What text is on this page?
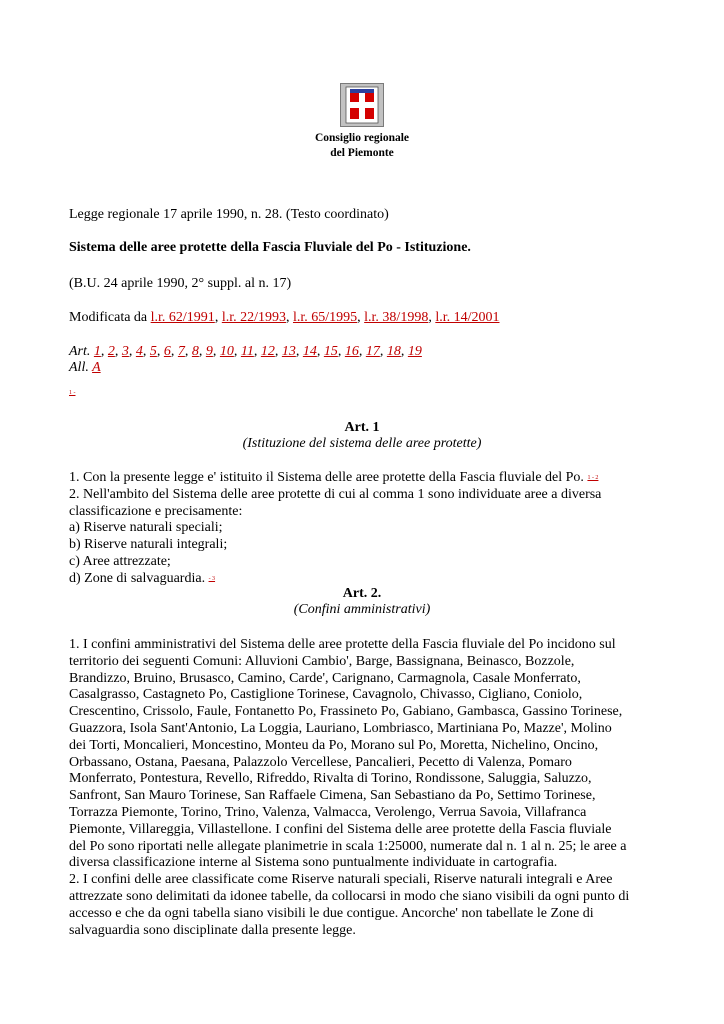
Consiglio regionale
del Piemonte
Legge regionale 17 aprile 1990, n. 28. (Testo coordinato)
Sistema delle aree protette della Fascia Fluviale del Po - Istituzione.
(B.U. 24 aprile 1990, 2° suppl. al n. 17)
Modificata da l.r. 62/1991, l.r. 22/1993, l.r. 65/1995, l.r. 38/1998, l.r. 14/2001
Art. 1, 2, 3, 4, 5, 6, 7, 8, 9, 10, 11, 12, 13, 14, 15, 16, 17, 18, 19
All. A
1 -
Art. 1
(Istituzione del sistema delle aree protette)
1. Con la presente legge e' istituito il Sistema delle aree protette della Fascia fluviale del Po. $^{1 - 2}$
2. Nell'ambito del Sistema delle aree protette di cui al comma 1 sono individuate aree a diversa
classificazione e precisamente:
a) Riserve naturali speciali;
b) Riserve naturali integrali;
c) Aree attrezzate;
d) Zone di salvaguardia. $^{- 3}$
Art. 2.
(Confini amministrativi)
1. I confini amministrativi del Sistema delle aree protette della Fascia fluviale del Po incidono sul
territorio dei seguenti Comuni: Alluvioni Cambio', Barge, Bassignana, Beinasco, Bozzole,
Brandizzo, Bruino, Brusasco, Camino, Carde', Carignano, Carmagnola, Casale Monferrato,
Casalgrasso, Castagneto Po, Castiglione Torinese, Cavagnolo, Chivasso, Cigliano, Coniolo,
Crescentino, Crissolo, Faule, Fontanetto Po, Frassineto Po, Gabiano, Gambasca, Gassino Torinese,
Guazzora, Isola Sant'Antonio, La Loggia, Lauriano, Lombriasco, Martiniana Po, Mazze', Molino
dei Torti, Moncalieri, Moncestino, Monteu da Po, Morano sul Po, Moretta, Nichelino, Oncino,
Orbassano, Ostana, Paesana, Palazzolo Vercellese, Pancalieri, Pecetto di Valenza, Pomaro
Monferrato, Pontestura, Revello, Rifreddo, Rivalta di Torino, Rondissone, Saluggia, Saluzzo,
Sanfront, San Mauro Torinese, San Raffaele Cimena, San Sebastiano da Po, Settimo Torinese,
Torrazza Piemonte, Torino, Trino, Valenza, Valmacca, Verolengo, Verrua Savoia, Villafranca
Piemonte, Villareggia, Villastellone. I confini del Sistema delle aree protette della Fascia fluviale
del Po sono riportati nelle allegate planimetrie in scala 1:25000, numerate dal n. 1 al n. 25; le aree a
diversa classificazione interne al Sistema sono puntualmente individuate in cartografia.
2. I confini delle aree classificate come Riserve naturali speciali, Riserve naturali integrali e Aree
attrezzate sono delimitati da idonee tabelle, da collocarsi in modo che siano visibili da ogni punto di
accesso e che da ogni tabella siano visibili le due contigue. Ancorche' non tabellate le Zone di
salvaguardia sono disciplinate dalla presente legge.
